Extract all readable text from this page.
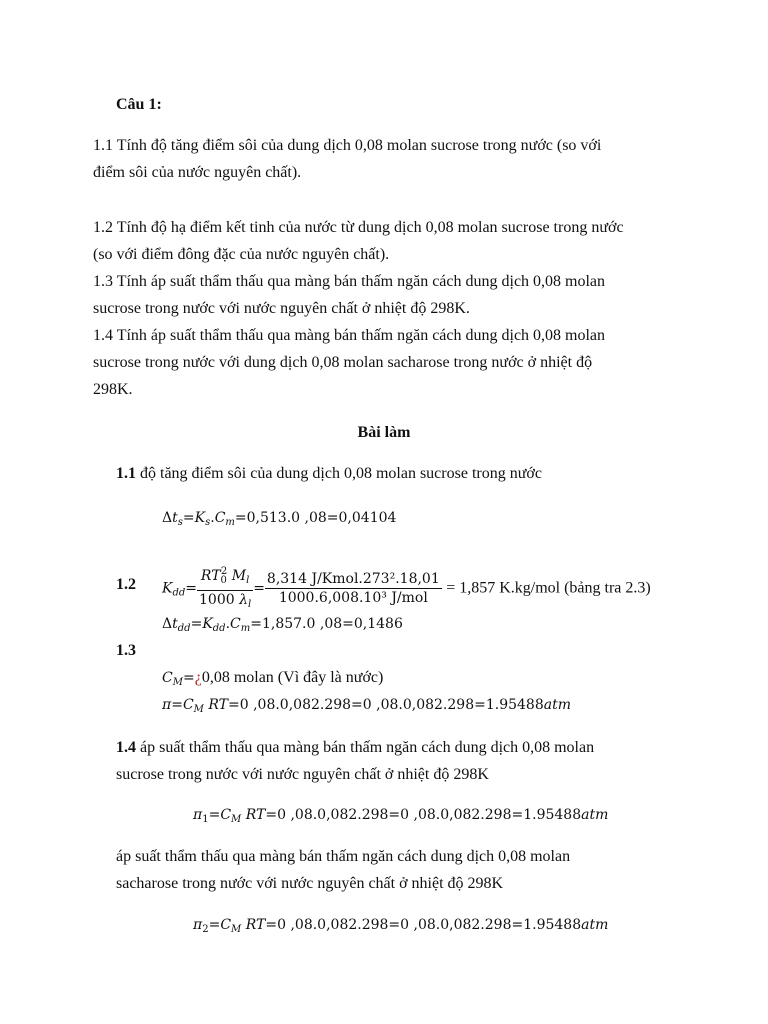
Câu 1:
1.1 Tính độ tăng điểm sôi của dung dịch 0,08 molan sucrose trong nước (so với
điểm sôi của nước nguyên chất).
1.2 Tính độ hạ điểm kết tinh của nước từ dung dịch 0,08 molan sucrose trong nước
(so với điểm đông đặc của nước nguyên chất).
1.3 Tính áp suất thẩm thấu qua màng bán thấm ngăn cách dung dịch 0,08 molan
sucrose trong nước với nước nguyên chất ở nhiệt độ 298K.
1.4 Tính áp suất thẩm thấu qua màng bán thấm ngăn cách dung dịch 0,08 molan
sucrose trong nước với dung dịch 0,08 molan sacharose trong nước ở nhiệt độ
298K.
Bài làm
1.1 độ tăng điểm sôi của dung dịch 0,08 molan sucrose trong nước
$\Delta t_s=K_s.C_m=0,513.0$ ,08=0,04104
1.2 $K_{dd}= \frac{RT_0^2 M_l}{1000 \lambda_l} = \frac{\text{8,314 J/Kmol.273².18,01}}{\text{1000.6,008.10³ J/mol}} = 1,857$ K.kg/mol (bảng tra 2.3)
$\Delta t_{dd}=K_{dd}.C_m=1,857.0$ ,08=0,1486
1.3
$C_M=¿0,08$ molan (Vì đây là nước)
$\pi=C_M$ RT=0 ,08.0,082.298=0 ,08.0,082.298=1.95488atm
1.4 áp suất thẩm thấu qua màng bán thấm ngăn cách dung dịch 0,08 molan
sucrose trong nước với nước nguyên chất ở nhiệt độ 298K
$\pi_1=C_M$ RT=0 ,08.0,082.298=0 ,08.0,082.298=1.95488atm
áp suất thẩm thấu qua màng bán thấm ngăn cách dung dịch 0,08 molan
sacharose trong nước với nước nguyên chất ở nhiệt độ 298K
$\pi_2=C_M$ RT=0 ,08.0,082.298=0 ,08.0,082.298=1.95488atm
